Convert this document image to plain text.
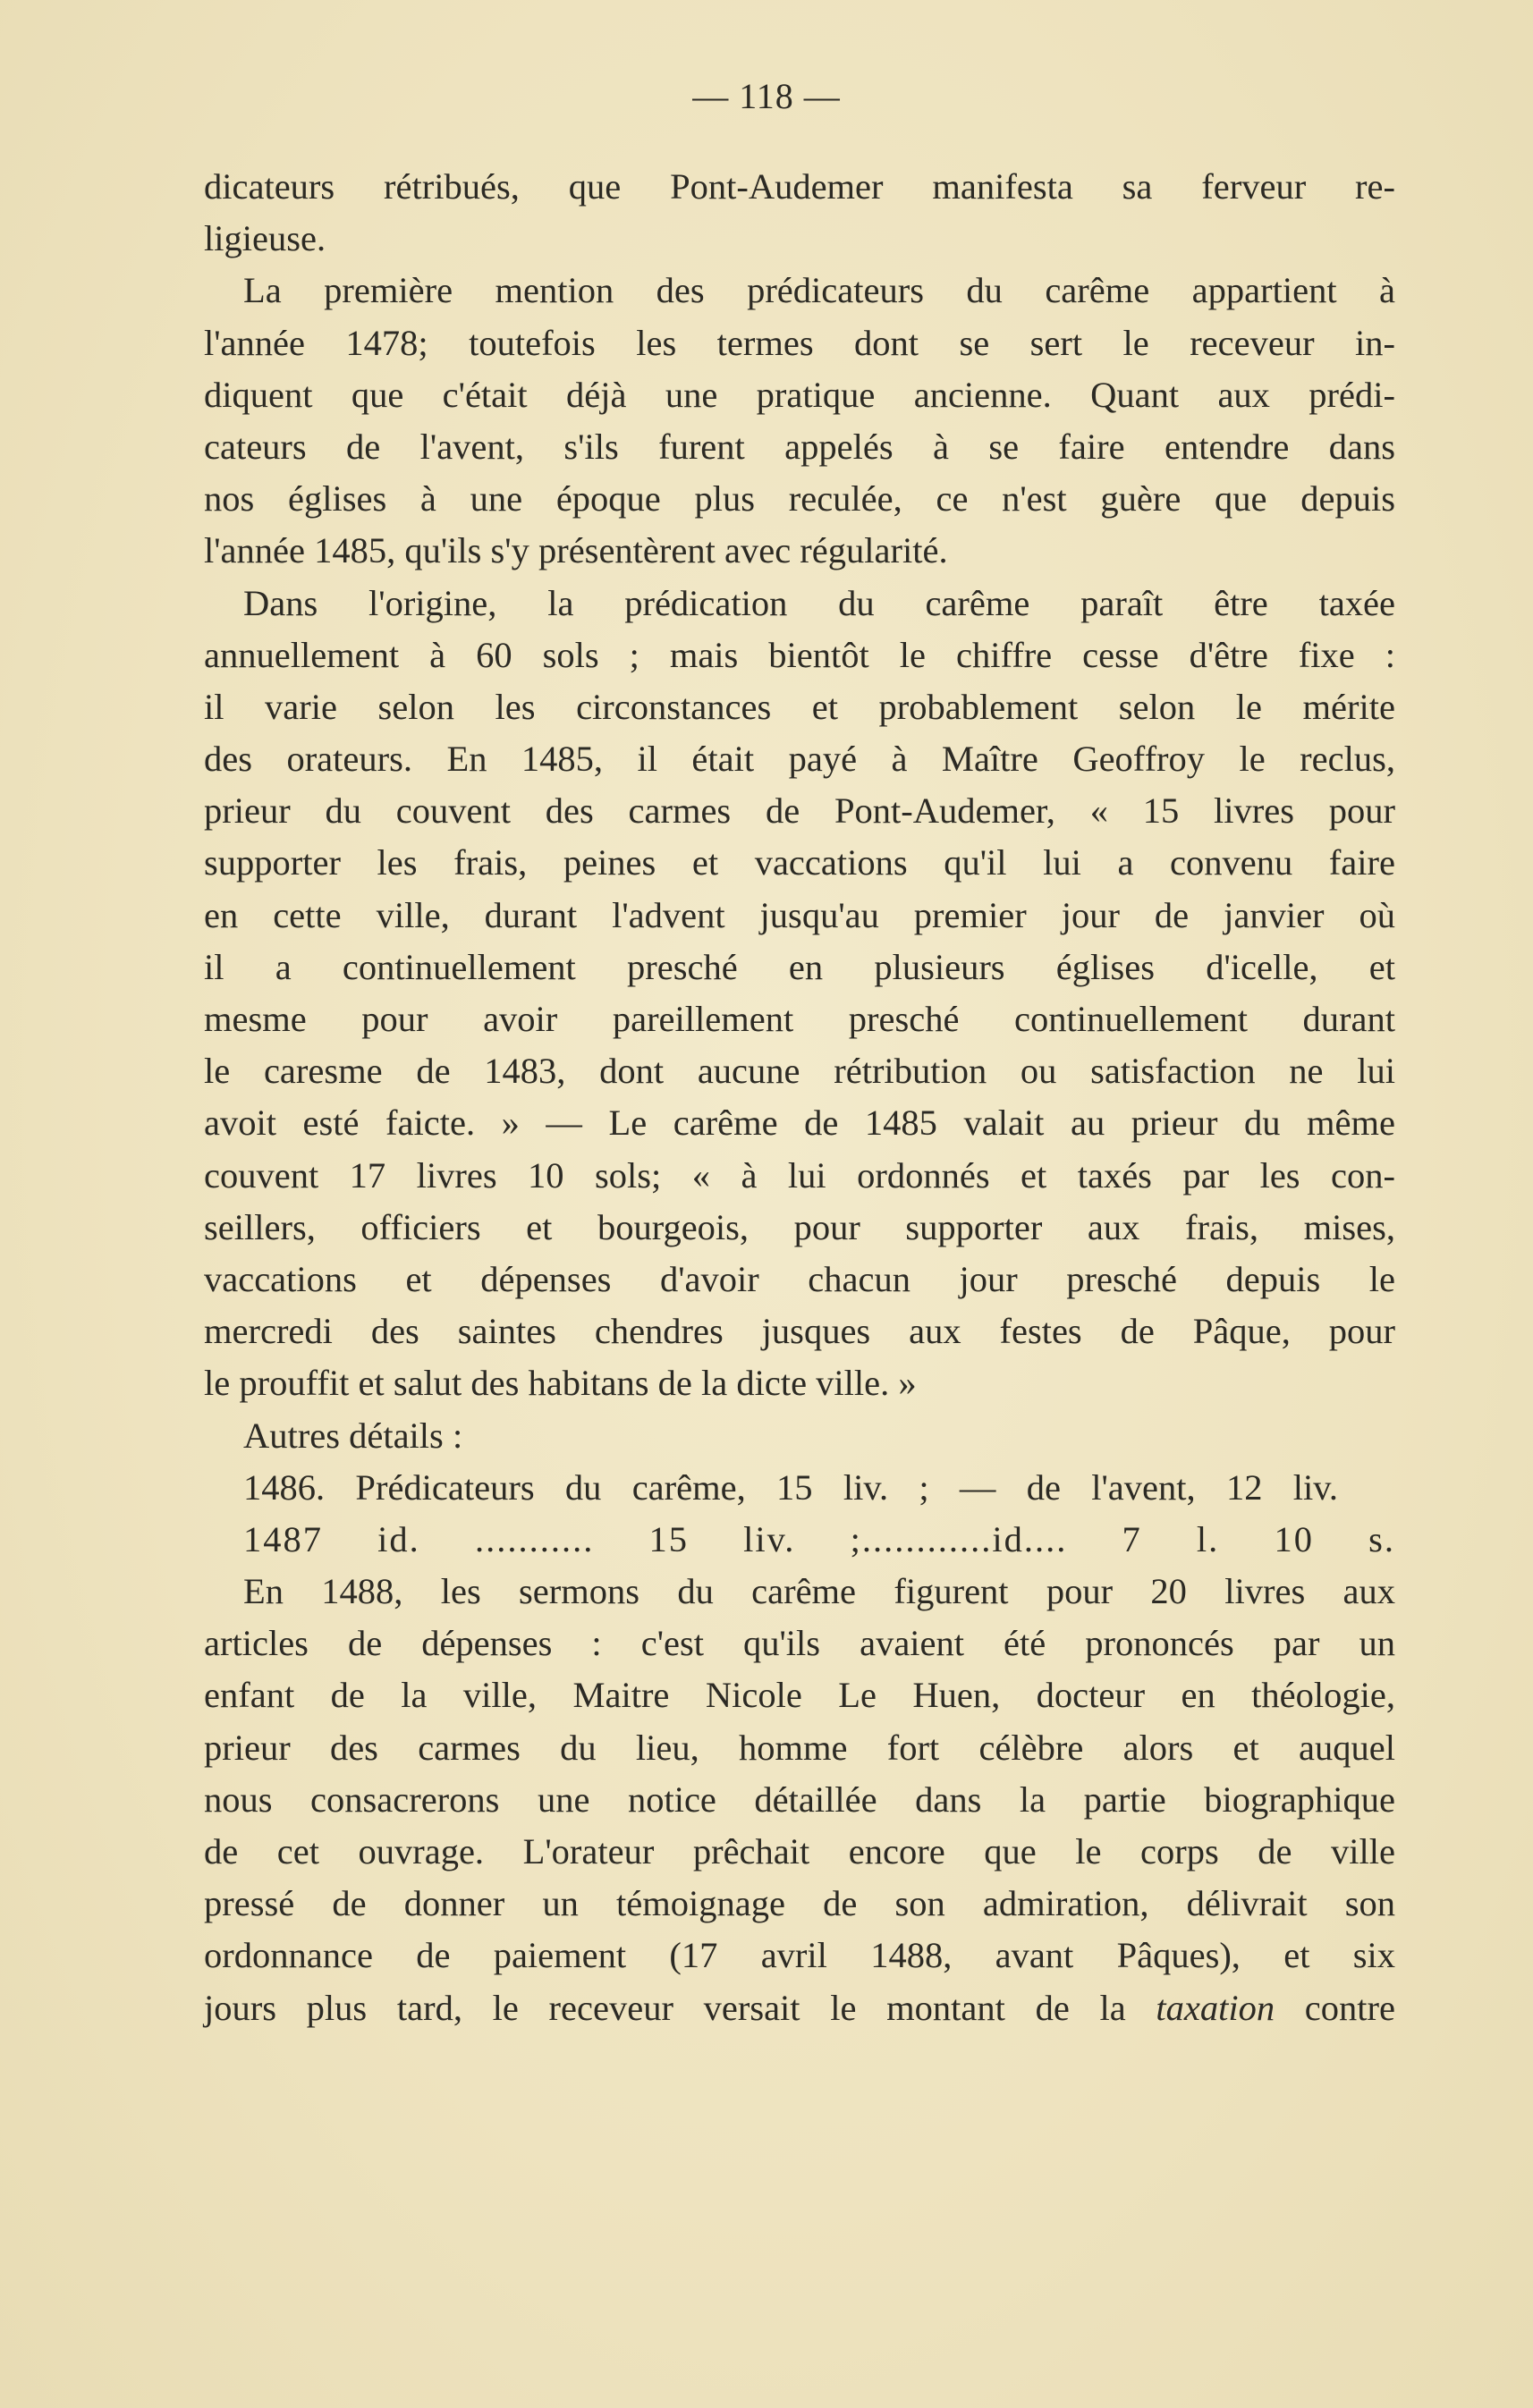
— 118 —
dicateurs rétribués, que Pont-Audemer manifesta sa ferveur re-
ligieuse.
La première mention des prédicateurs du carême appartient à
l'année 1478; toutefois les termes dont se sert le receveur in-
diquent que c'était déjà une pratique ancienne. Quant aux prédi-
cateurs de l'avent, s'ils furent appelés à se faire entendre dans
nos églises à une époque plus reculée, ce n'est guère que depuis
l'année 1485, qu'ils s'y présentèrent avec régularité.
Dans l'origine, la prédication du carême paraît être taxée
annuellement à 60 sols ; mais bientôt le chiffre cesse d'être fixe :
il varie selon les circonstances et probablement selon le mérite
des orateurs. En 1485, il était payé à Maître Geoffroy le reclus,
prieur du couvent des carmes de Pont-Audemer, « 15 livres pour
supporter les frais, peines et vaccations qu'il lui a convenu faire
en cette ville, durant l'advent jusqu'au premier jour de janvier où
il a continuellement presché en plusieurs églises d'icelle, et
mesme pour avoir pareillement presché continuellement durant
le caresme de 1483, dont aucune rétribution ou satisfaction ne lui
avoit esté faicte. » — Le carême de 1485 valait au prieur du même
couvent 17 livres 10 sols; « à lui ordonnés et taxés par les con-
seillers, officiers et bourgeois, pour supporter aux frais, mises,
vaccations et dépenses d'avoir chacun jour presché depuis le
mercredi des saintes chendres jusques aux festes de Pâque, pour
le prouffit et salut des habitans de la dicte ville. »
Autres détails :
1486. Prédicateurs du carême, 15 liv. ; — de l'avent, 12 liv.
1487 id. ........... 15 liv. ;............id.... 7 l. 10 s.
En 1488, les sermons du carême figurent pour 20 livres aux
articles de dépenses : c'est qu'ils avaient été prononcés par un
enfant de la ville, Maitre Nicole Le Huen, docteur en théologie,
prieur des carmes du lieu, homme fort célèbre alors et auquel
nous consacrerons une notice détaillée dans la partie biographique
de cet ouvrage. L'orateur prêchait encore que le corps de ville
pressé de donner un témoignage de son admiration, délivrait son
ordonnance de paiement (17 avril 1488, avant Pâques), et six
jours plus tard, le receveur versait le montant de la taxation contre
